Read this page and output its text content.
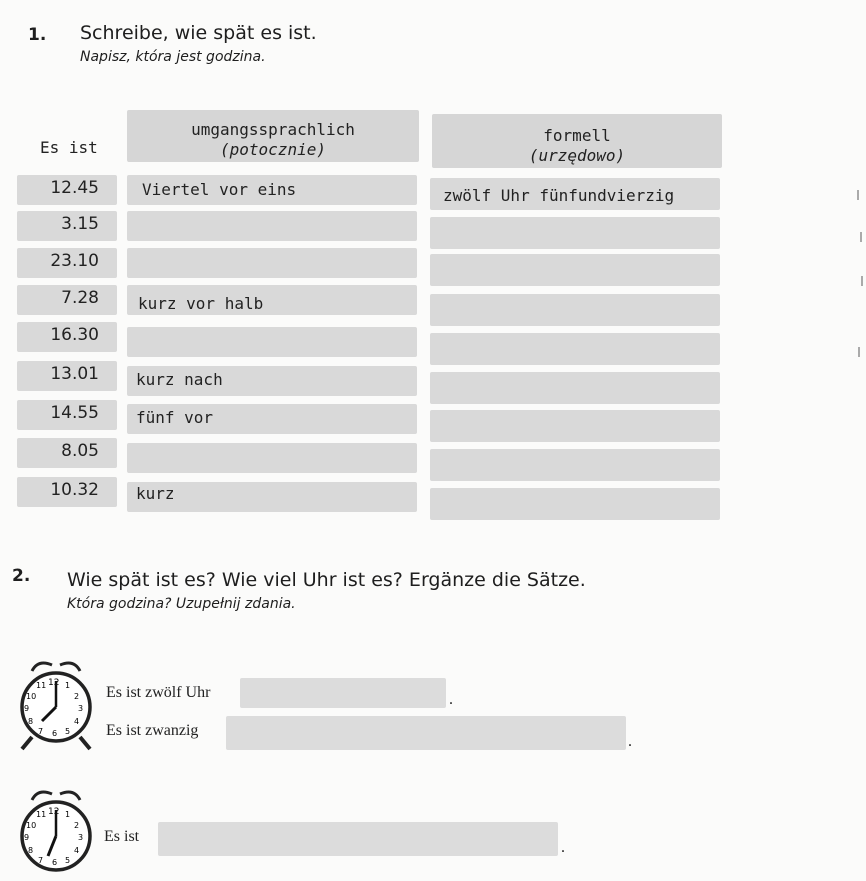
1. Schreibe, wie spät es ist.
Napisz, która jest godzina.
Es ist
umgangssprachlich
(potocznie)
formell
(urzędowo)
12.45	Viertel vor eins	zwölf Uhr fünfundvierzig
3.15
23.10
7.28 kurz vor halb
16.30
13.01 kurz nach
14.55 fünf vor
8.05
10.32 kurz
2. Wie spät ist es? Wie viel Uhr ist es? Ergänze die Sätze.
Która godzina? Uzupełnij zdania.
12
11 1
10	2
9	3
8	4
7 6 5
Es ist zwölf Uhr	.
Es ist zwanzig
.
12
11 1
10	2
9	3
8	4
7 6 5
Es ist
.
